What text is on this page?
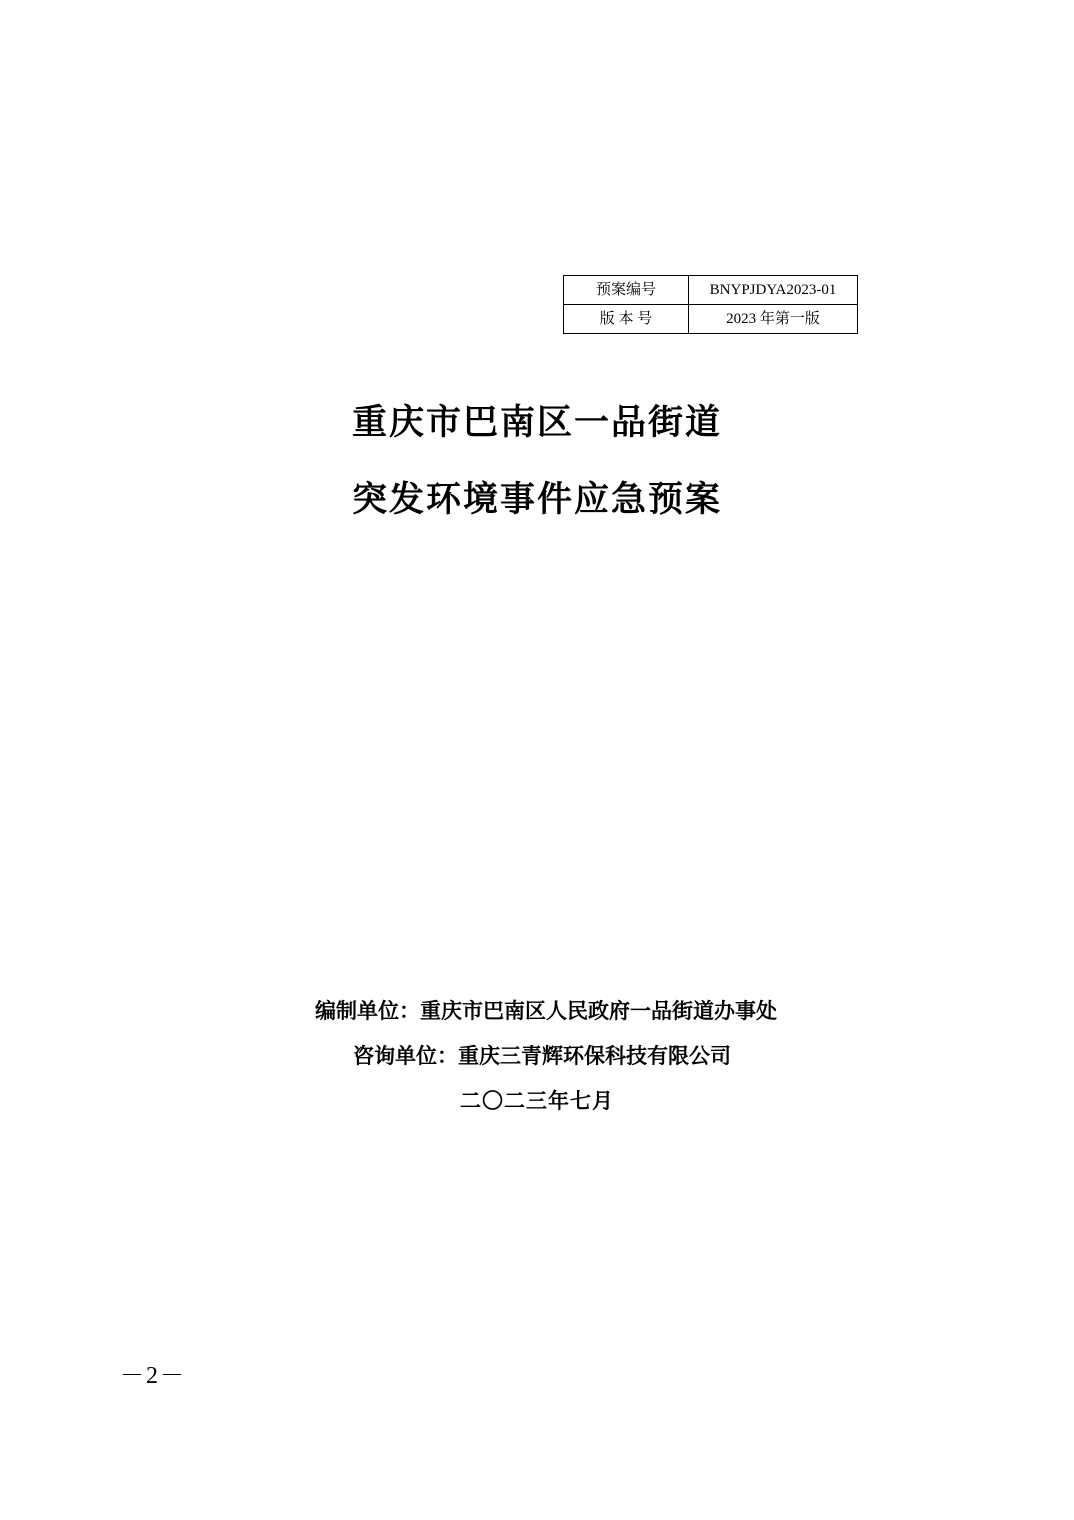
预案编号	BNYPJDYA2023-01
版 本 号	2023 年第一版
重庆市巴南区一品街道
突发环境事件应急预案
编制单位：重庆市巴南区人民政府一品街道办事处
咨询单位：重庆三青辉环保科技有限公司
二〇二三年七月
－2－
